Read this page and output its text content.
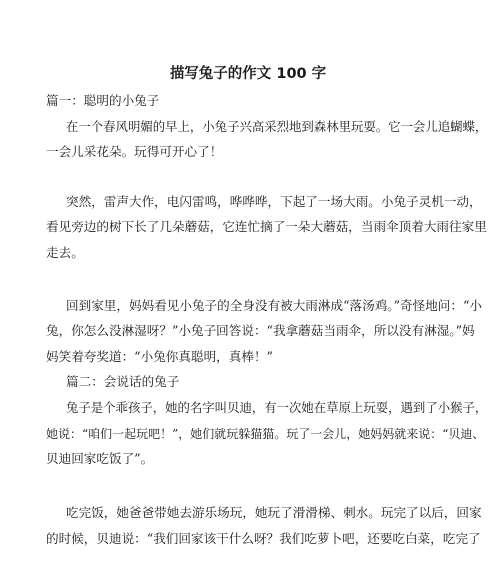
描写兔子的作文 100 字
篇一：聪明的小兔子
在一个春风明媚的早上，小兔子兴高采烈地到森林里玩耍。它一会儿追蝴蝶，
一会儿采花朵。玩得可开心了！
突然，雷声大作，电闪雷鸣，哗哗哗，下起了一场大雨。小兔子灵机一动，
看见旁边的树下长了几朵蘑菇，它连忙摘了一朵大蘑菇，当雨伞顶着大雨往家里
走去。
回到家里，妈妈看见小兔子的全身没有被大雨淋成“落汤鸡。”奇怪地问：“小
兔，你怎么没淋湿呀？”小兔子回答说：“我拿蘑菇当雨伞，所以没有淋湿。”妈
妈笑着夸奖道：“小兔你真聪明，真棒！”
篇二：会说话的兔子
兔子是个乖孩子，她的名字叫贝迪，有一次她在草原上玩耍，遇到了小猴子，
她说：“咱们一起玩吧！”，她们就玩躲猫猫。玩了一会儿，她妈妈就来说：“贝迪、
贝迪回家吃饭了”。
吃完饭，她爸爸带她去游乐场玩，她玩了滑滑梯、刺水。玩完了以后，回家
的时候，贝迪说：“我们回家该干什么呀？我们吃萝卜吧，还要吃白菜，吃完了
